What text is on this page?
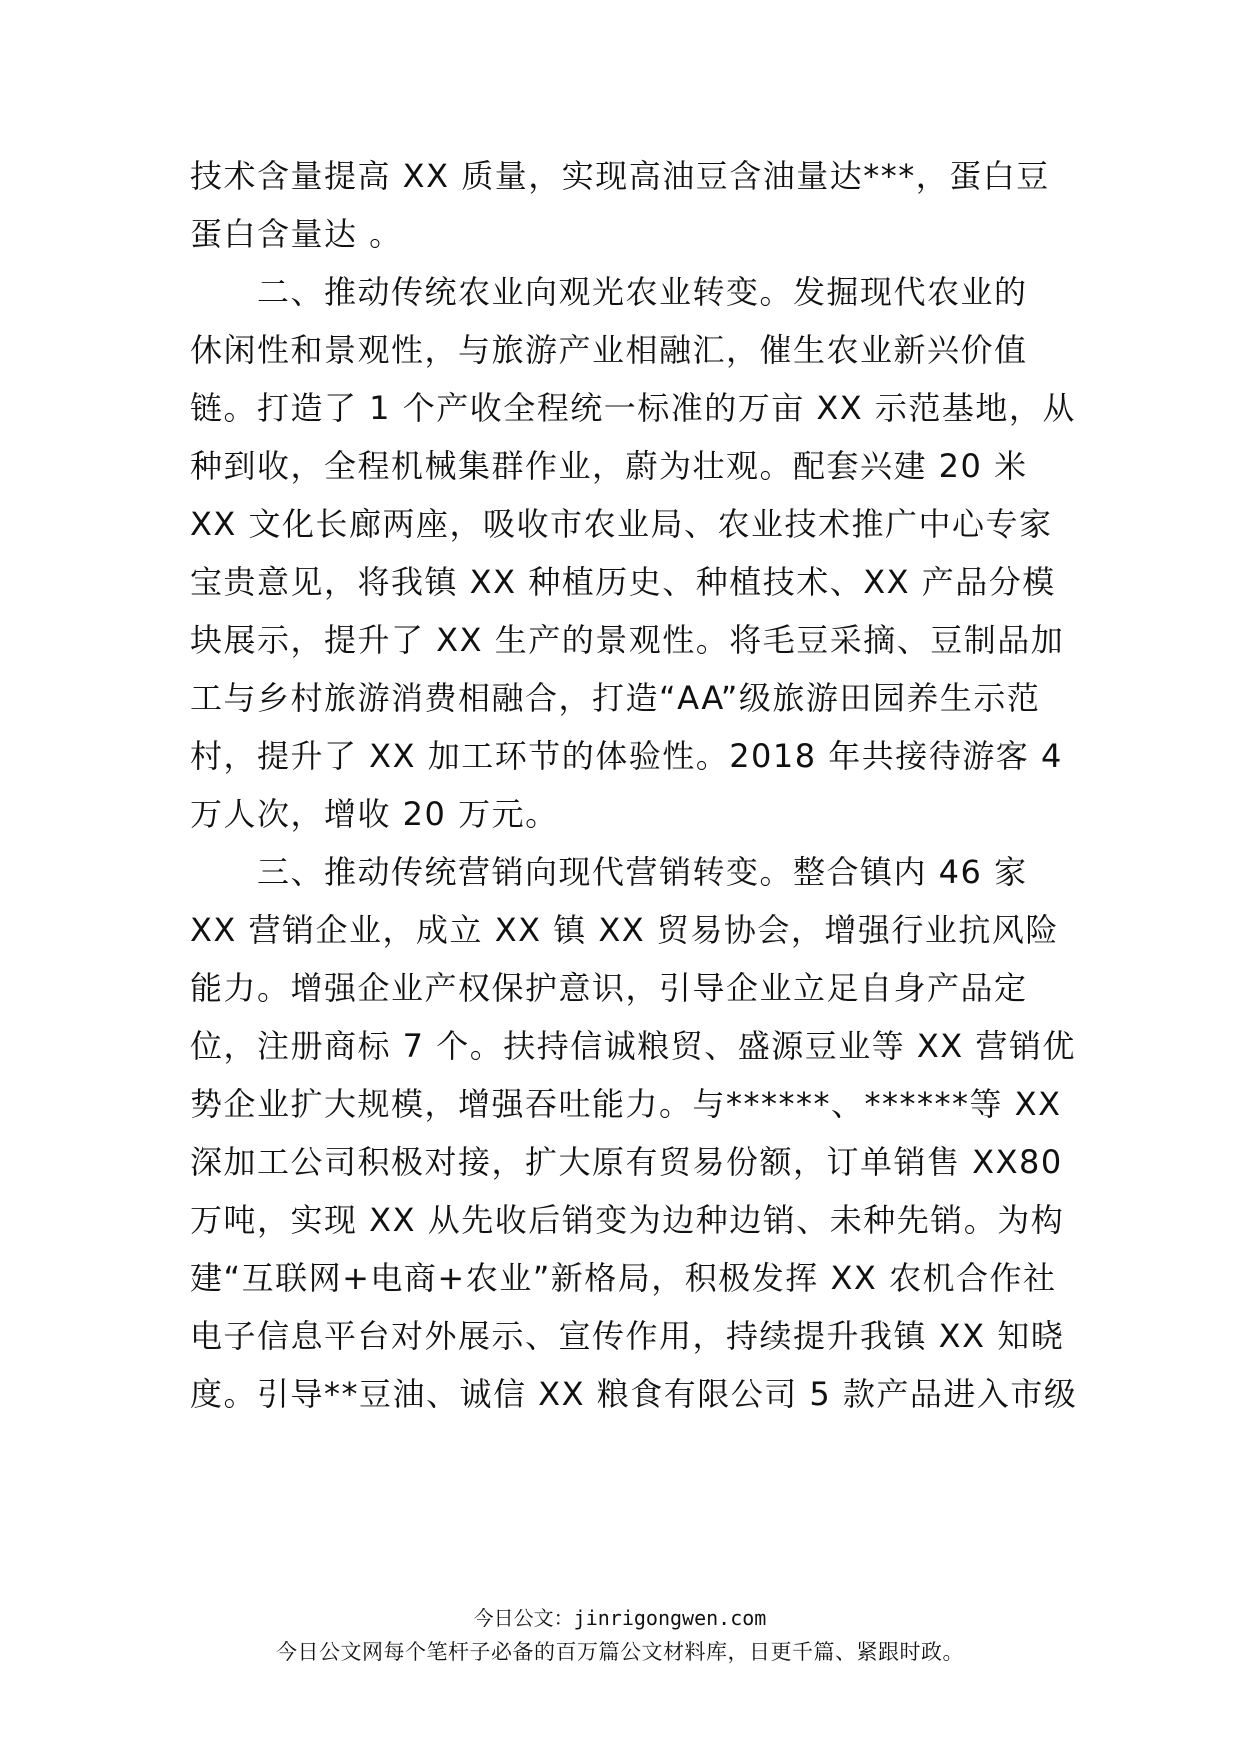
技术含量提高 XX 质量，实现高油豆含油量达***，蛋白豆
蛋白含量达 。
　　二、推动传统农业向观光农业转变。发掘现代农业的
休闲性和景观性，与旅游产业相融汇，催生农业新兴价值
链。打造了 1 个产收全程统一标准的万亩 XX 示范基地，从
种到收，全程机械集群作业，蔚为壮观。配套兴建 20 米
XX 文化长廊两座，吸收市农业局、农业技术推广中心专家
宝贵意见，将我镇 XX 种植历史、种植技术、XX 产品分模
块展示，提升了 XX 生产的景观性。将毛豆采摘、豆制品加
工与乡村旅游消费相融合，打造“AA”级旅游田园养生示范
村，提升了 XX 加工环节的体验性。2018 年共接待游客 4
万人次，增收 20 万元。
　　三、推动传统营销向现代营销转变。整合镇内 46 家
XX 营销企业，成立 XX 镇 XX 贸易协会，增强行业抗风险
能力。增强企业产权保护意识，引导企业立足自身产品定
位，注册商标 7 个。扶持信诚粮贸、盛源豆业等 XX 营销优
势企业扩大规模，增强吞吐能力。与******、******等 XX
深加工公司积极对接，扩大原有贸易份额，订单销售 XX80
万吨，实现 XX 从先收后销变为边种边销、未种先销。为构
建“互联网+电商+农业”新格局，积极发挥 XX 农机合作社
电子信息平台对外展示、宣传作用，持续提升我镇 XX 知晓
度。引导**豆油、诚信 XX 粮食有限公司 5 款产品进入市级
今日公文：jinrigongwen.com
今日公文网每个笔杆子必备的百万篇公文材料库，日更千篇、紧跟时政。
